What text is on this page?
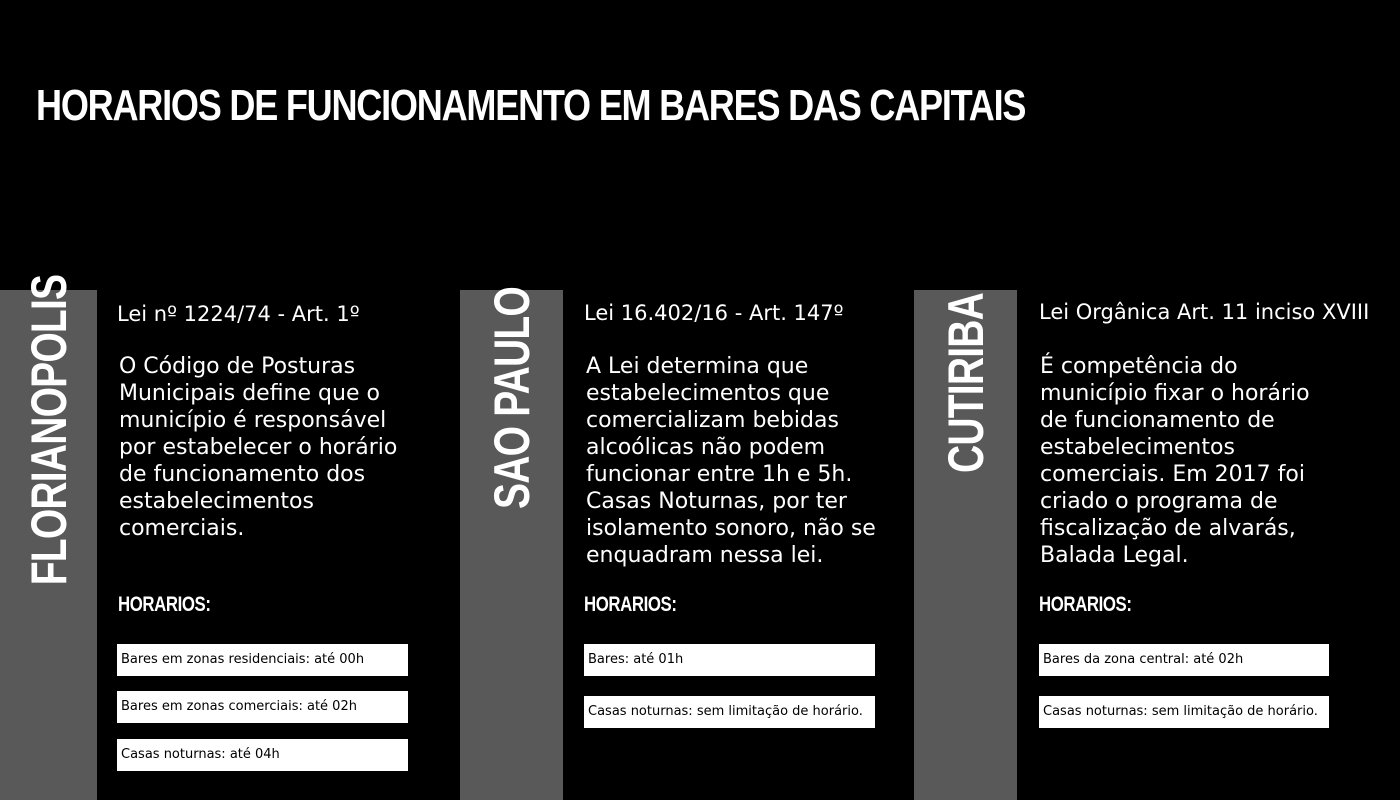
HORARIOS DE FUNCIONAMENTO EM BARES DAS CAPITAIS
FLORIANOPOLIS Lei nº 1224/74 - Art. 1º

O Código de Posturas Municipais define que o município é responsável por estabelecer o horário de funcionamento dos estabelecimentos comerciais.

HORARIOS:

Bares em zonas residenciais: até 00h
Bares em zonas comerciais: até 02h
Casas noturnas: até 04h
SAO PAULO Lei 16.402/16 - Art. 147º

A Lei determina que estabelecimentos que comercializam bebidas alcoólicas não podem funcionar entre 1h e 5h. Casas Noturnas, por ter isolamento sonoro, não se enquadram nessa lei.

HORARIOS:

Bares: até 01h
Casas noturnas: sem limitação de horário.
CUTIRIBA Lei Orgânica Art. 11 inciso XVIII

É competência do município fixar o horário de funcionamento de estabelecimentos comerciais. Em 2017 foi criado o programa de fiscalização de alvarás, Balada Legal.

HORARIOS:

Bares da zona central: até 02h
Casas noturnas: sem limitação de horário.
